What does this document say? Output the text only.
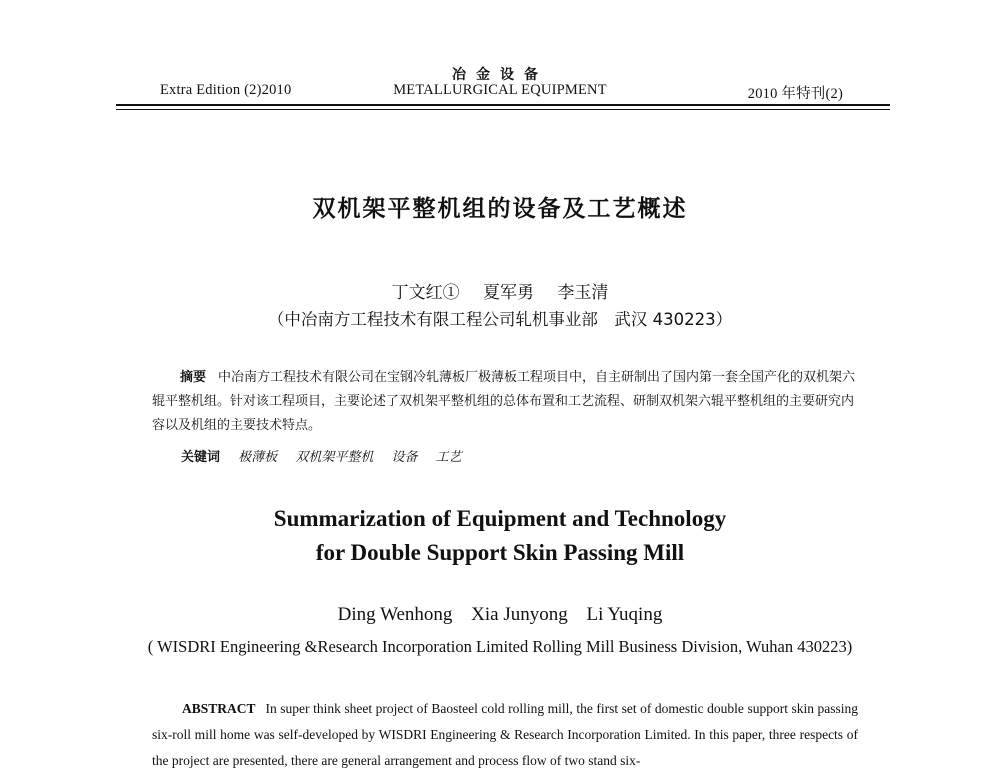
冶金设备
Extra Edition (2)2010	METALLURGICAL EQUIPMENT	2010 年特刊(2)
双机架平整机组的设备及工艺概述
丁文红① 夏军勇 李玉清
（中冶南方工程技术有限工程公司轧机事业部　武汉 430223）
摘要 中冶南方工程技术有限公司在宝钢冷轧薄板厂极薄板工程项目中，自主研制出了国内第一套全国产化的双机架六辊平整机组。针对该工程项目，主要论述了双机架平整机组的总体布置和工艺流程、研制双机架六辊平整机组的主要研究内容以及机组的主要技术特点。
关键词 极薄板 双机架平整机 设备 工艺
Summarization of Equipment and Technology
for Double Support Skin Passing Mill
Ding Wenhong Xia Junyong Li Yuqing
( WISDRI Engineering &Research Incorporation Limited Rolling Mill Business Division, Wuhan 430223)
ABSTRACT In super think sheet project of Baosteel cold rolling mill, the first set of domestic double support skin passing six-roll mill home was self-developed by WISDRI Engineering & Research Incorporation Limited. In this paper, three respects of the project are presented, there are general arrangement and process flow of two stand six-
